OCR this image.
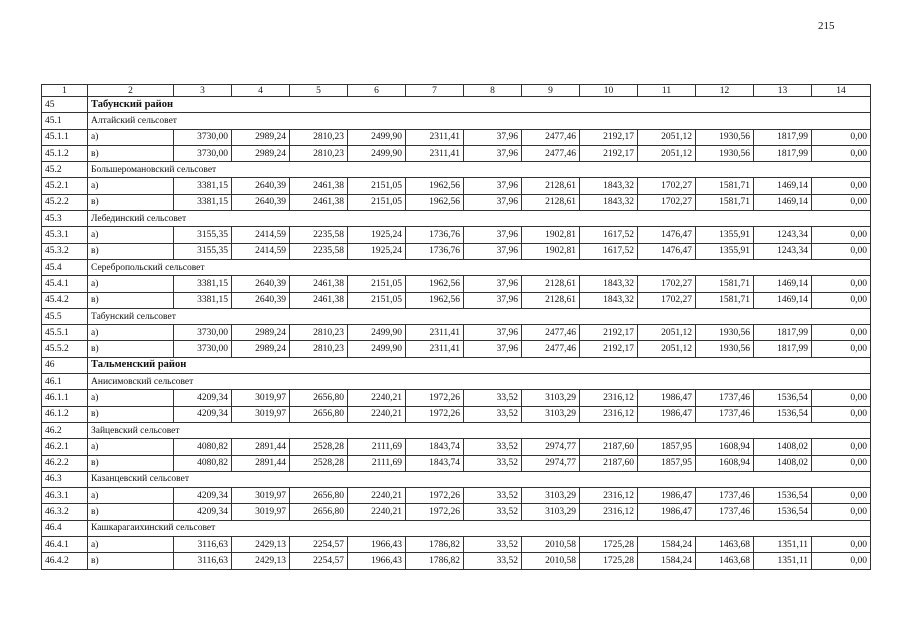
215
1	2	3	4	5	6	7	8	9	10	11	12	13	14
45	Табунский район												
45.1	Алтайский сельсовет												
45.1.1	а)	3730,00	2989,24	2810,23	2499,90	2311,41	37,96	2477,46	2192,17	2051,12	1930,56	1817,99	0,00
45.1.2	в)	3730,00	2989,24	2810,23	2499,90	2311,41	37,96	2477,46	2192,17	2051,12	1930,56	1817,99	0,00
45.2	Большеромановский сельсовет												
45.2.1	а)	3381,15	2640,39	2461,38	2151,05	1962,56	37,96	2128,61	1843,32	1702,27	1581,71	1469,14	0,00
45.2.2	в)	3381,15	2640,39	2461,38	2151,05	1962,56	37,96	2128,61	1843,32	1702,27	1581,71	1469,14	0,00
45.3	Лебединский сельсовет												
45.3.1	а)	3155,35	2414,59	2235,58	1925,24	1736,76	37,96	1902,81	1617,52	1476,47	1355,91	1243,34	0,00
45.3.2	в)	3155,35	2414,59	2235,58	1925,24	1736,76	37,96	1902,81	1617,52	1476,47	1355,91	1243,34	0,00
45.4	Серебропольский сельсовет												
45.4.1	а)	3381,15	2640,39	2461,38	2151,05	1962,56	37,96	2128,61	1843,32	1702,27	1581,71	1469,14	0,00
45.4.2	в)	3381,15	2640,39	2461,38	2151,05	1962,56	37,96	2128,61	1843,32	1702,27	1581,71	1469,14	0,00
45.5	Табунский сельсовет												
45.5.1	а)	3730,00	2989,24	2810,23	2499,90	2311,41	37,96	2477,46	2192,17	2051,12	1930,56	1817,99	0,00
45.5.2	в)	3730,00	2989,24	2810,23	2499,90	2311,41	37,96	2477,46	2192,17	2051,12	1930,56	1817,99	0,00
46	Тальменский район												
46.1	Анисимовский сельсовет												
46.1.1	а)	4209,34	3019,97	2656,80	2240,21	1972,26	33,52	3103,29	2316,12	1986,47	1737,46	1536,54	0,00
46.1.2	в)	4209,34	3019,97	2656,80	2240,21	1972,26	33,52	3103,29	2316,12	1986,47	1737,46	1536,54	0,00
46.2	Зайцевский сельсовет												
46.2.1	а)	4080,82	2891,44	2528,28	2111,69	1843,74	33,52	2974,77	2187,60	1857,95	1608,94	1408,02	0,00
46.2.2	в)	4080,82	2891,44	2528,28	2111,69	1843,74	33,52	2974,77	2187,60	1857,95	1608,94	1408,02	0,00
46.3	Казанцевский сельсовет												
46.3.1	а)	4209,34	3019,97	2656,80	2240,21	1972,26	33,52	3103,29	2316,12	1986,47	1737,46	1536,54	0,00
46.3.2	в)	4209,34	3019,97	2656,80	2240,21	1972,26	33,52	3103,29	2316,12	1986,47	1737,46	1536,54	0,00
46.4	Кашкарагаихинский сельсовет												
46.4.1	а)	3116,63	2429,13	2254,57	1966,43	1786,82	33,52	2010,58	1725,28	1584,24	1463,68	1351,11	0,00
46.4.2	в)	3116,63	2429,13	2254,57	1966,43	1786,82	33,52	2010,58	1725,28	1584,24	1463,68	1351,11	0,00
